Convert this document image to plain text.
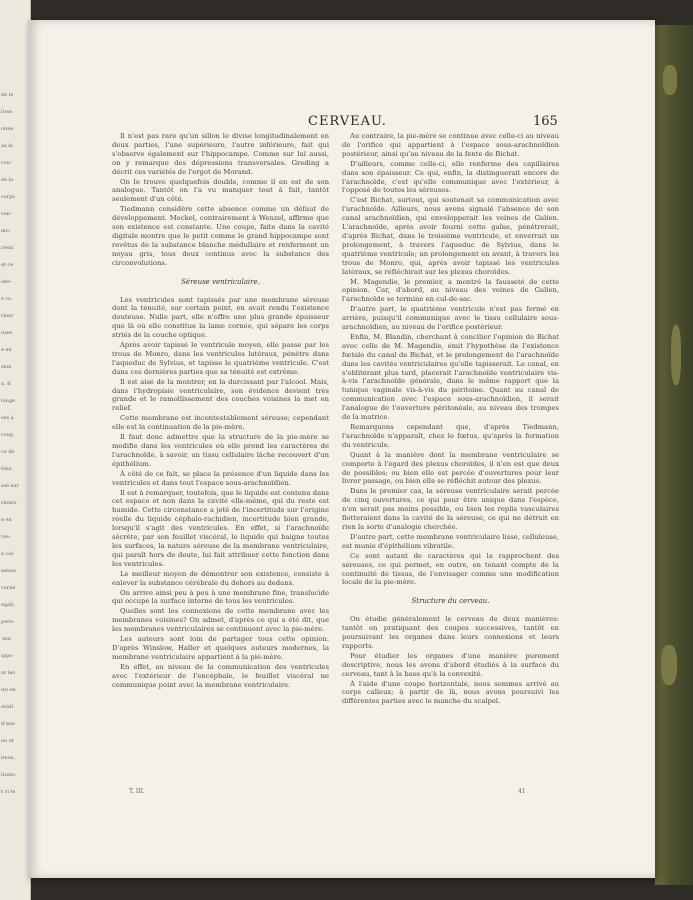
de le
lisse
onne
as la
cou-
ée la
corps
ven-
mo-
rieur,
et ce
iste-
e ro
rieur
uses
e en
sion
a. Il
longe
ses à
coup,
ce de
bles,
ssé sur
rieure
e en
res-
a cal-
neuse
corne
egali,
pero-
,mu-
ippo-
ar les
ire en
avait
d'une
on et
iteux,
lisses,
t vi le
CERVEAU.	165

Il n'est pas rare qu'un sillon le divise longitudinalement en deux parties, l'une supérieure, l'autre inférieure, fait qui s'observe également sur l'hippocampe. Comme sur lui aussi, on y remarque des dépressions transversales. Greding a décrit ces variétés de l'ergot de Morand.

On le trouve quelquefois double, comme il en est de son analogue. Tantôt on l'a vu manquer tout à fait, tantôt seulement d'un côté.

Tiedmann considère cette absence comme un défaut de développement. Meckel, contrairement à Wenzel, affirme que son existence est constante. Une coupe, faite dans la cavité digitale montre que le petit comme le grand hippocampe sont revêtus de la substance blanche médullaire et renferment un noyau gris, tous deux continus avec la substance des circonvolutions.

Séreuse ventriculaire.

Les ventricules sont tapissés par une membrane séreuse dont la ténuité, sur certain point, en avait rendu l'existence douteuse. Nulle part, elle n'offre une plus grande épaisseur que là où elle constitue la lame cornée, qui sépare les corps striés de la couche optique.

Après avoir tapissé le ventricule moyen, elle passe par les trous de Monro, dans les ventricules latéraux, pénètre dans l'aqueduc de Sylvius, et tapisse le quatrième ventricule. C'est dans ces dernières parties que sa ténuité est extrême.

Il est aisé de la montrer, en la durcissant par l'alcool. Mais, dans l'hydropisie ventriculaire, son évidence devient très grande et le ramollissement des couches voisines la met en relief.

Cette membrane est incontestablement séreuse; cependant elle est la continuation de la pie-mère.

Il faut donc admettre que la structure de la pie-mère se modifie dans les ventricules où elle prend les caractères de l'arachnoïde, à savoir, un tissu cellulaire lâche recouvert d'un épithélium.

À côté de ce fait, se place la présence d'un liquide dans les ventricules et dans tout l'espace sous-arachnoïdien.

Il est à remarquer, toutefois, que le liquide est contenu dans cet espace et non dans la cavité elle-même, qui du reste est humide. Cette circonstance a jeté de l'incertitude sur l'origine réelle du liquide céphalo-rachidien, incertitude bien grande, lorsqu'il s'agit des ventricules. En effet, si l'arachnoïde sécrète, par son feuillet viscéral, le liquide qui baigne toutes les surfaces, la nature séreuse de la membrane ventriculaire, qui paraît hors de doute, lui fait attribuer cette fonction dans les ventricules.

Le meilleur moyen de démontrer son existence, consiste à enlever la substance cérébrale du dehors au dedans.

On arrive ainsi peu à peu à une membrane fine, translucide qui occupe la surface interne de tous les ventricules.

Quelles sont les connexions de cette membrane avec les membranes voisines? On admet, d'après ce qui a été dit, que les membranes ventriculaires se continuent avec la pie-mère.

Les auteurs sont loin de partager tous cette opinion. D'après Winslow, Haller et quelques auteurs modernes, la membrane ventriculaire appartient à la pie-mère.

En effet, au niveau de la communication des ventricules avec l'extérieur de l'encéphale, le feuillet viscéral ne communique point avec la membrane ventriculaire.

Au contraire, la pie-mère se continue avec celle-ci au niveau de l'orifice qui appartient à l'espace sous-arachnoïdien postérieur, ainsi qu'au niveau de la fente de Bichat.

D'ailleurs, comme celle-ci, elle renferme des capillaires dans son épaisseur. Ce qui, enfin, la distinguerait encore de l'arachnoïde, c'est qu'elle communique avec l'extérieur, à l'opposé de toutes les séreuses.

C'est Bichat, surtout, qui soutenait sa communication avec l'arachnoïde. Ailleurs, nous avons signalé l'absence de son canal arachnoïdien, qui envelopperait les veines de Galien. L'arachnoïde, après avoir fourni cette gaîne, pénétrerait, d'après Bichat, dans le troisième ventricule, et enverrait un prolongement, à travers l'aqueduc de Sylvius, dans le quatrième ventricule; un prolongement en avant, à travers les trous de Monro, qui, après avoir tapissé les ventricules latéraux, se réfléchirait sur les plexus choroïdes.

M. Magendie, le premier, a montré la fausseté de cette opinion. Car, d'abord, au niveau des veines de Galien, l'arachnoïde se termine en cul-de-sac.

D'autre part, le quatrième ventricule n'est pas fermé en arrière, puisqu'il communique avec le tissu cellulaire sous-arachnoïdien, au niveau de l'orifice postérieur.

Enfin, M. Blandin, cherchant à concilier l'opinion de Bichat avec celle de M. Magendie, émit l'hypothèse de l'existence fœtale du canal de Bichat, et le prolongement de l'arachnoïde dans les cavités ventriculaires qu'elle tapisserait. Le canal, en s'oblitérant plus tard, placerait l'arachnoïde ventriculaire vis-à-vis l'arachnoïde générale, dans le même rapport que la tunique vaginale vis-à-vis du péritoine. Quant au canal de communication avec l'espace sous-arachnoïdien, il serait l'analogue de l'ouverture péritonéale, au niveau des trompes de la matrice.

Remarquons cependant que, d'après Tiedmann, l'arachnoïde n'apparaît, chez le fœtus, qu'après la formation du ventricule.

Quant à la manière dont la membrane ventriculaire se comporte à l'égard des plexus choroïdes, il n'en est que deux de possibles; ou bien elle est percée d'ouvertures pour leur livrer passage, ou bien elle se réfléchit autour des plexus.

Dans le premier cas, la séreuse ventriculaire serait percée de cinq ouvertures, ce qui pour être unique dans l'espèce, n'en serait pas moins possible, ou bien les replis vasculaires flotteraient dans la cavité de la séreuse, ce qui ne détruit en rien la sorte d'analogie cherchée.

D'autre part, cette membrane ventriculaire lisse, celluleuse, est munie d'épithélium vibratile.

Ce sont autant de caractères qui la rapprochent des séreuses, ce qui permet, en outre, en tenant compte de la continuité de tissus, de l'envisager comme une modification locale de la pie-mère.

Structure du cerveau.

On étudie généralement le cerveau de deux manières: tantôt en pratiquant des coupes successives, tantôt en poursuivant les organes dans leurs connexions et leurs rapports.

Pour étudier les organes d'une manière purement descriptive, nous les avons d'abord étudiés à la surface du cerveau, tant à la base qu'à la convexité.

À l'aide d'une coupe horizontale, nous sommes arrivé au corps calleux; à partir de là, nous avons poursuivi les différentes parties avec le manche du scalpel.

T. III.	41
